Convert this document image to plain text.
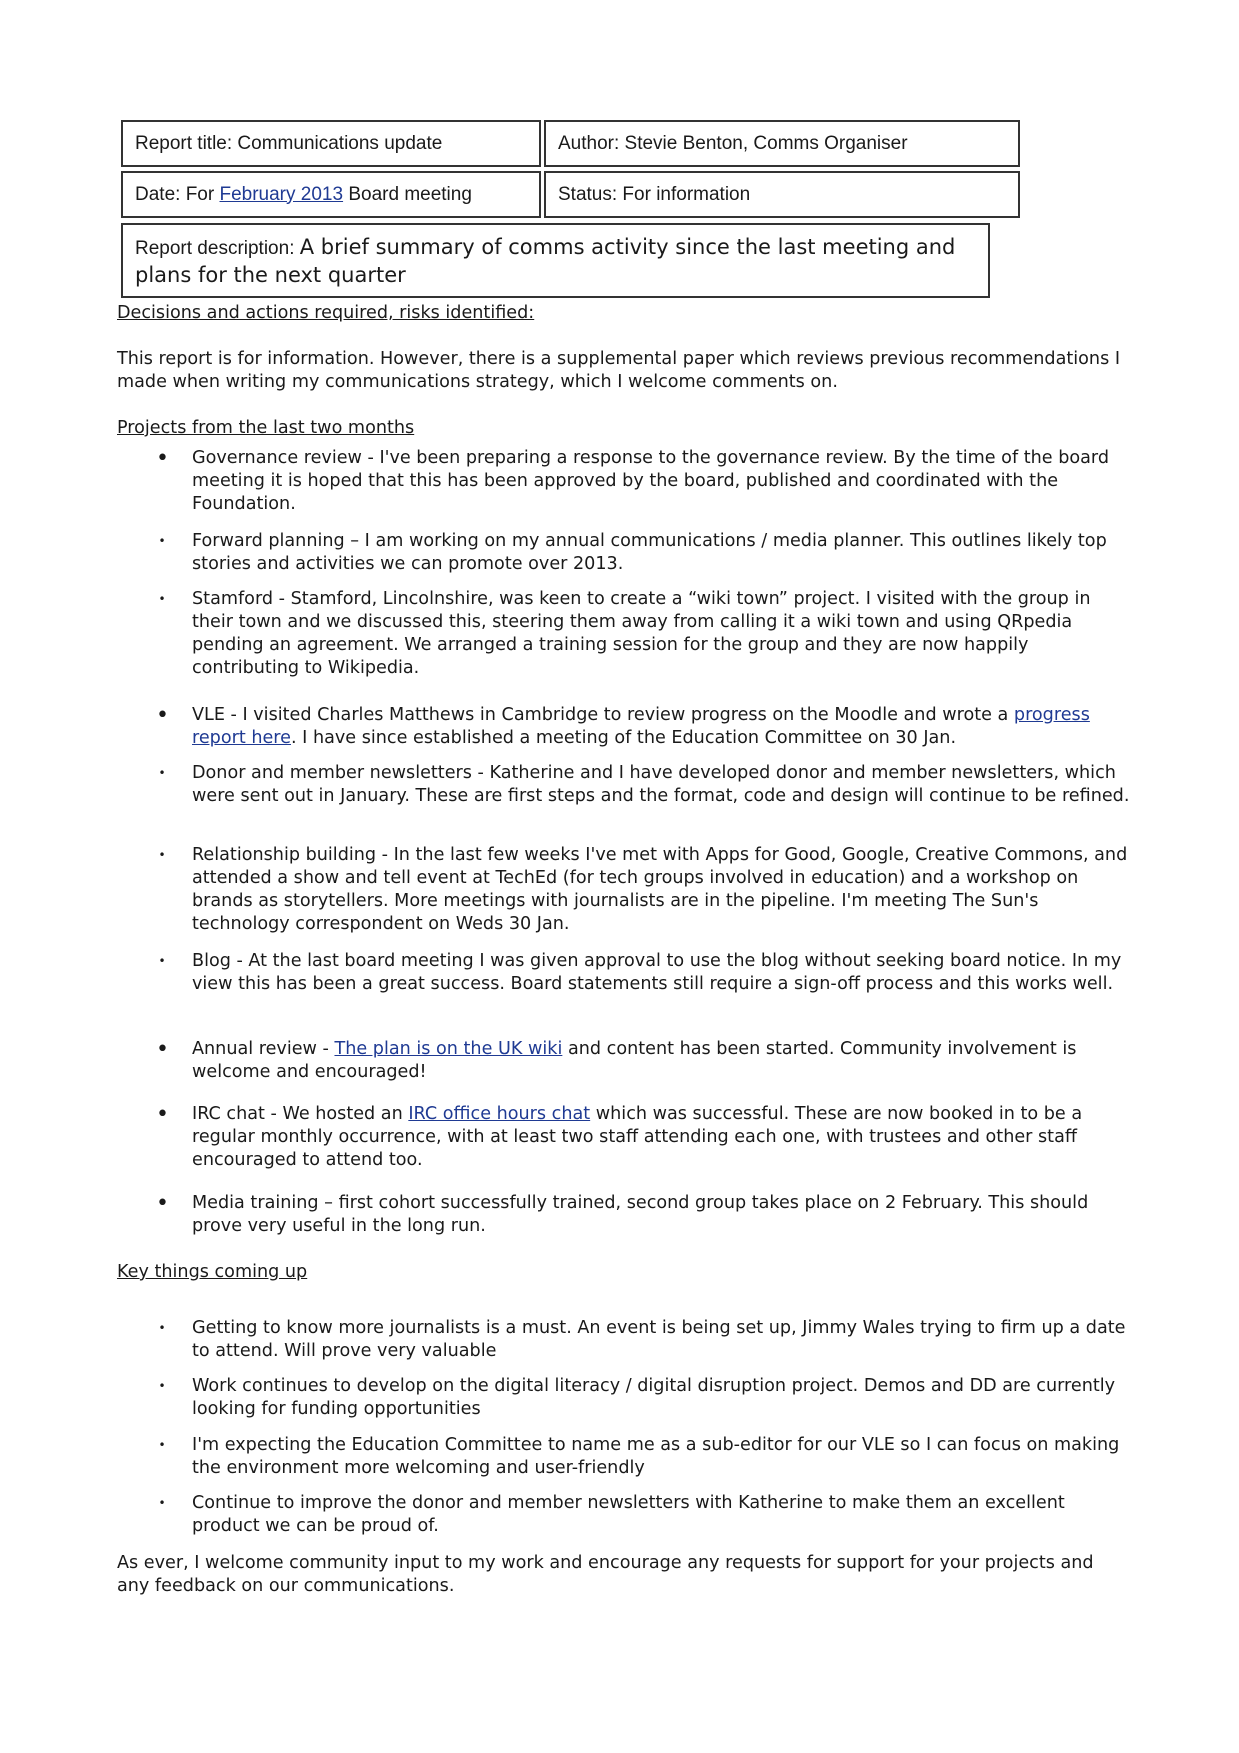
Report title: Communications update	Author: Stevie Benton, Comms Organiser
Date: For February 2013 Board meeting	Status: For information
Report description: A brief summary of comms activity since the last meeting and plans for the next quarter
Decisions and actions required, risks identified:
This report is for information. However, there is a supplemental paper which reviews previous recommendations I made when writing my communications strategy, which I welcome comments on.
Projects from the last two months
• Governance review - I've been preparing a response to the governance review. By the time of the board meeting it is hoped that this has been approved by the board, published and coordinated with the Foundation.
• Forward planning – I am working on my annual communications / media planner. This outlines likely top stories and activities we can promote over 2013.
• Stamford - Stamford, Lincolnshire, was keen to create a “wiki town” project. I visited with the group in their town and we discussed this, steering them away from calling it a wiki town and using QRpedia pending an agreement. We arranged a training session for the group and they are now happily contributing to Wikipedia.
• VLE - I visited Charles Matthews in Cambridge to review progress on the Moodle and wrote a progress report here. I have since established a meeting of the Education Committee on 30 Jan.
• Donor and member newsletters - Katherine and I have developed donor and member newsletters, which were sent out in January. These are first steps and the format, code and design will continue to be refined.
• Relationship building - In the last few weeks I've met with Apps for Good, Google, Creative Commons, and attended a show and tell event at TechEd (for tech groups involved in education) and a workshop on brands as storytellers. More meetings with journalists are in the pipeline. I'm meeting The Sun's technology correspondent on Weds 30 Jan.
• Blog - At the last board meeting I was given approval to use the blog without seeking board notice. In my view this has been a great success. Board statements still require a sign-off process and this works well.
• Annual review - The plan is on the UK wiki and content has been started. Community involvement is welcome and encouraged!
• IRC chat - We hosted an IRC office hours chat which was successful. These are now booked in to be a regular monthly occurrence, with at least two staff attending each one, with trustees and other staff encouraged to attend too.
• Media training – first cohort successfully trained, second group takes place on 2 February. This should prove very useful in the long run.
Key things coming up
• Getting to know more journalists is a must. An event is being set up, Jimmy Wales trying to firm up a date to attend. Will prove very valuable
• Work continues to develop on the digital literacy / digital disruption project. Demos and DD are currently looking for funding opportunities
• I'm expecting the Education Committee to name me as a sub-editor for our VLE so I can focus on making the environment more welcoming and user-friendly
• Continue to improve the donor and member newsletters with Katherine to make them an excellent product we can be proud of.
As ever, I welcome community input to my work and encourage any requests for support for your projects and any feedback on our communications.
